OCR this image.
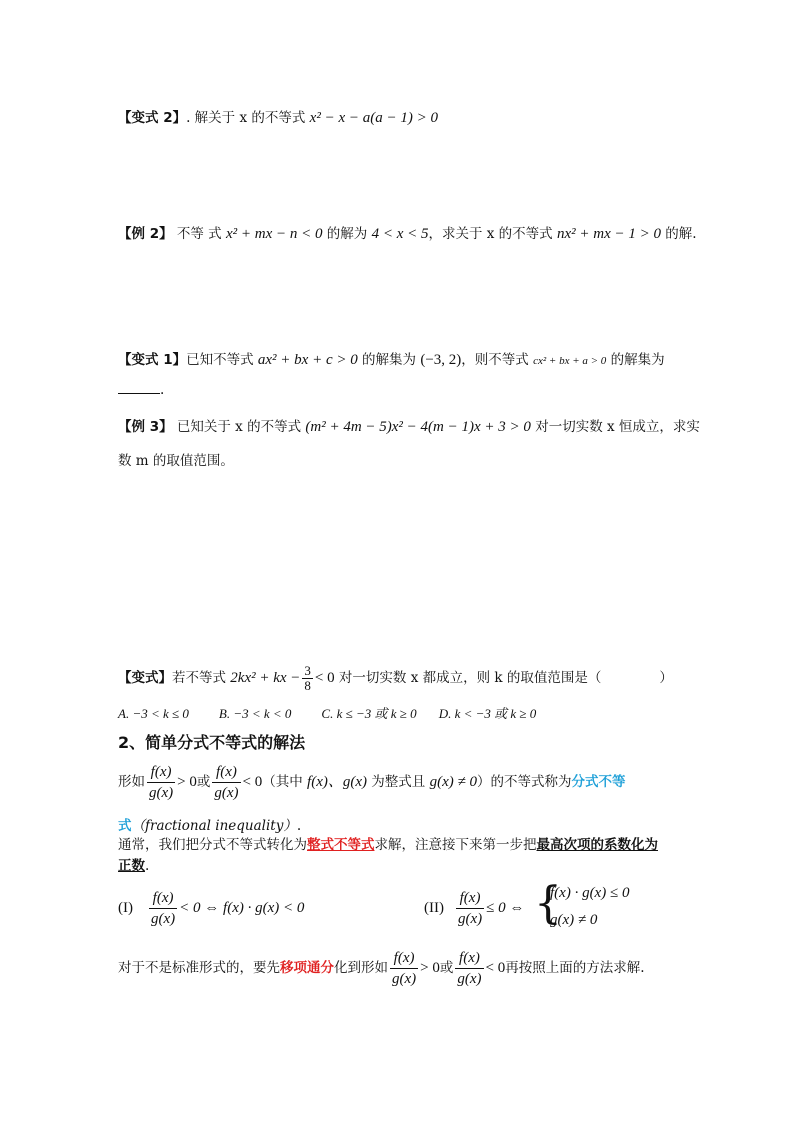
【变式 2】. 解关于 x 的不等式 x² − x − a(a − 1) > 0
【例 2】 不等 式 x² + mx − n < 0 的解为 4 < x < 5，求关于 x 的不等式 nx² + mx − 1 > 0 的解.
【变式 1】已知不等式 ax² + bx + c > 0 的解集为 (−3, 2)，则不等式 cx² + bx + a > 0 的解集为
.
【例 3】 已知关于 x 的不等式 (m² + 4m − 5)x² − 4(m − 1)x + 3 > 0 对一切实数 x 恒成立，求实
数 m 的取值范围。
【变式】若不等式 2kx² + kx − $\frac{3}{8} < 0$ 对一切实数 x 都成立，则 k 的取值范围是（	）
A. −3 < k ≤ 0 B. −3 < k < 0 C. k ≤ −3 或 k ≥ 0 D. k < −3 或 k ≥ 0
2、简单分式不等式的解法
形如 $\frac{f(x)}{g(x)} > 0$或 $\frac{f(x)}{g(x)} < 0$（其中 f(x)、g(x) 为整式且 g(x) ≠ 0）的不等式称为分式不等
式（fractional inequality）.
通常，我们把分式不等式转化为整式不等式求解，注意接下来第一步把最高次项的系数化为
正数.
$(I) \frac{f(x)}{g(x)} < 0$ ⇔ f(x) · g(x) < 0	$(II) \frac{f(x)}{g(x)} \le 0$ ⇔ {
f(x) · g(x) ≤ 0
g(x) ≠ 0
对于不是标准形式的，要先移项通分化到形如 $\frac{f(x)}{g(x)} > 0$或 $\frac{f(x)}{g(x)} < 0$再按照上面的方法求解.
